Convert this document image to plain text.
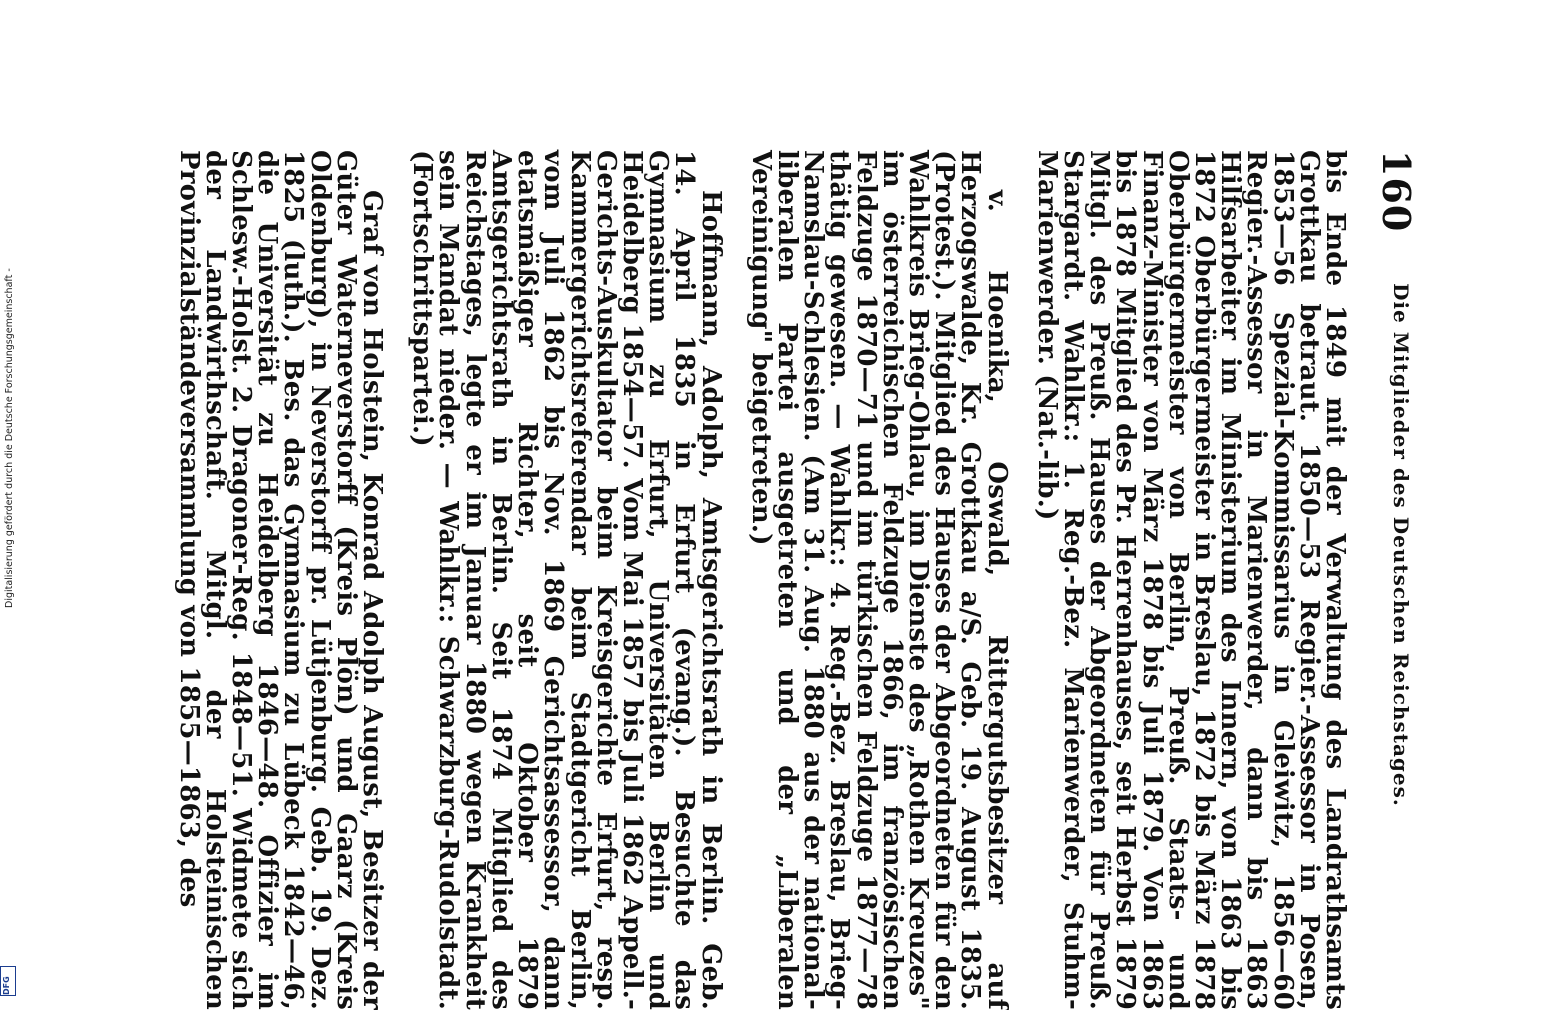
160
Die Mitglieder des Deutschen Reichstages.

bis Ende 1849 mit der Verwaltung des Landrathsamts Grottkau betraut. 1850—53 Regier.-Assessor in Posen, 1853—56 Spezial-Kommissarius in Gleiwitz, 1856—60 Regier.-Assessor in Marienwerder, dann bis 1863 Hilfsarbeiter im Ministerium des Innern, von 1863 bis 1872 Oberbürgermeister in Breslau, 1872 bis März 1878 Oberbürgermeister von Berlin, Preuß. Staats- und Finanz-Minister von März 1878 bis Juli 1879. Von 1863 bis 1878 Mitglied des Pr. Herrenhauses, seit Herbst 1879 Mitgl. des Preuß. Hauses der Abgeordneten für Preuß. Stargardt. Wahlkr.: 1. Reg.-Bez. Marienwerder, Stuhm-Marienwerder. (Nat.-lib.)

v. Hoenika, Oswald, Rittergutsbesitzer auf Herzogswalde, Kr. Grottkau a/S. Geb. 19. August 1835. (Protest.). Mitglied des Hauses der Abgeordneten für den Wahlkreis Brieg-Ohlau, im Dienste des „Rothen Kreuzes" im österreichischen Feldzuge 1866, im französischen Feldzuge 1870—71 und im türkischen Feldzuge 1877—78 thätig gewesen. — Wahlkr.: 4. Reg.-Bez. Breslau, Brieg-Namslau-Schlesien. (Am 31. Aug. 1880 aus der national-liberalen Partei ausgetreten und der „Liberalen Vereinigung" beigetreten.)

Hoffmann, Adolph, Amtsgerichtsrath in Berlin. Geb. 14. April 1835 in Erfurt (evang.). Besuchte das Gymnasium zu Erfurt, Universitäten Berlin und Heidelberg 1854—57. Vom Mai 1857 bis Juli 1862 Appell.-Gerichts-Auskultator beim Kreisgerichte Erfurt, resp. Kammergerichtsreferendar beim Stadtgericht Berlin, vom Juli 1862 bis Nov. 1869 Gerichtsassessor, dann etatsmäßiger Richter, seit Oktober 1879 Amtsgerichtsrath in Berlin. Seit 1874 Mitglied des Reichstages, legte er im Januar 1880 wegen Krankheit sein Mandat nieder. — Wahlkr.: Schwarzburg-Rudolstadt. (Fortschrittspartei.)

Graf von Holstein, Konrad Adolph August, Besitzer der Güter Waterneverstorff (Kreis Plön) und Gaarz (Kreis Oldenburg), in Neverstorff pr. Lütjenburg. Geb. 19. Dez. 1825 (luth.). Bes. das Gymnasium zu Lübeck 1842—46, die Universität zu Heidelberg 1846—48. Offizier im Schlesw.-Holst. 2. Dragoner-Reg. 1848—51. Widmete sich der Landwirthschaft. Mitgl. der Holsteinischen Provinzialständeversammlung von 1855—1863, des

Digitalisierung gefördert durch die Deutsche Forschungsgemeinschaft -
DFG
